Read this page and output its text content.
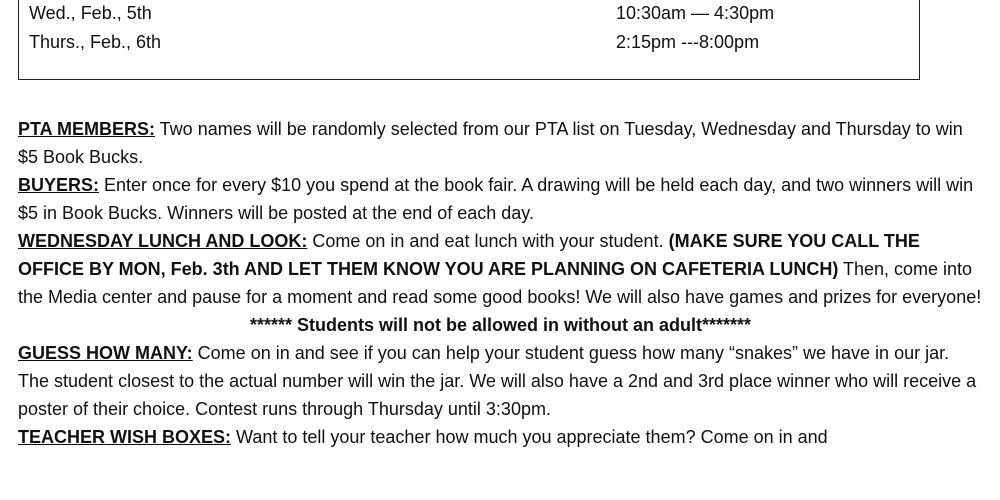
Wed., Feb., 5th	10:30am — 4:30pm
Thurs., Feb., 6th	2:15pm ---8:00pm

PTA MEMBERS: Two names will be randomly selected from our PTA list on Tuesday, Wednesday and Thursday to win $5 Book Bucks.

BUYERS: Enter once for every $10 you spend at the book fair. A drawing will be held each day, and two winners will win $5 in Book Bucks. Winners will be posted at the end of each day.

WEDNESDAY LUNCH AND LOOK: Come on in and eat lunch with your student. (MAKE SURE YOU CALL THE OFFICE BY MON, Feb. 3th AND LET THEM KNOW YOU ARE PLANNING ON CAFETERIA LUNCH) Then, come into the Media center and pause for a moment and read some good books! We will also have games and prizes for everyone!

****** Students will not be allowed in without an adult*******

GUESS HOW MANY: Come on in and see if you can help your student guess how many “snakes” we have in our jar. The student closest to the actual number will win the jar. We will also have a 2nd and 3rd place winner who will receive a poster of their choice. Contest runs through Thursday until 3:30pm.

TEACHER WISH BOXES: Want to tell your teacher how much you appreciate them? Come on in and
